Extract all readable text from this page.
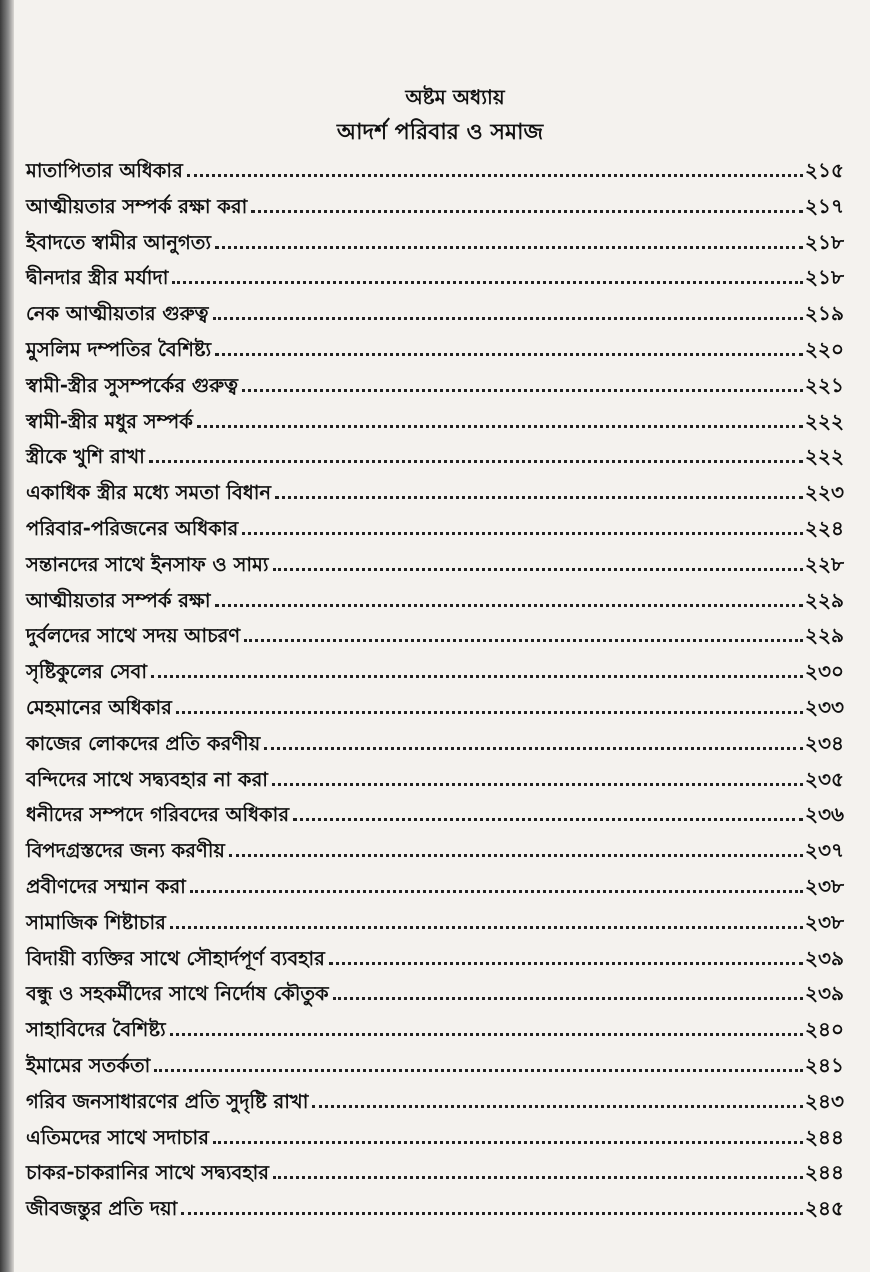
অষ্টম অধ্যায়
আদর্শ পরিবার ও সমাজ
মাতাপিতার অধিকার	২১৫
আত্মীয়তার সম্পর্ক রক্ষা করা	২১৭
ইবাদতে স্বামীর আনুগত্য	২১৮
দ্বীনদার স্ত্রীর মর্যাদা	২১৮
নেক আত্মীয়তার গুরুত্ব	২১৯
মুসলিম দম্পতির বৈশিষ্ট্য	২২০
স্বামী-স্ত্রীর সুসম্পর্কের গুরুত্ব	২২১
স্বামী-স্ত্রীর মধুর সম্পর্ক	২২২
স্ত্রীকে খুশি রাখা	২২২
একাধিক স্ত্রীর মধ্যে সমতা বিধান	২২৩
পরিবার-পরিজনের অধিকার	২২৪
সন্তানদের সাথে ইনসাফ ও সাম্য	২২৮
আত্মীয়তার সম্পর্ক রক্ষা	২২৯
দুর্বলদের সাথে সদয় আচরণ	২২৯
সৃষ্টিকুলের সেবা	২৩০
মেহমানের অধিকার	২৩৩
কাজের লোকদের প্রতি করণীয়	২৩৪
বন্দিদের সাথে সদ্ব্যবহার না করা	২৩৫
ধনীদের সম্পদে গরিবদের অধিকার	২৩৬
বিপদগ্রস্তদের জন্য করণীয়	২৩৭
প্রবীণদের সম্মান করা	২৩৮
সামাজিক শিষ্টাচার	২৩৮
বিদায়ী ব্যক্তির সাথে সৌহার্দপূর্ণ ব্যবহার	২৩৯
বন্ধু ও সহকর্মীদের সাথে নির্দোষ কৌতুক	২৩৯
সাহাবিদের বৈশিষ্ট্য	২৪০
ইমামের সতর্কতা	২৪১
গরিব জনসাধারণের প্রতি সুদৃষ্টি রাখা	২৪৩
এতিমদের সাথে সদাচার	২৪৪
চাকর-চাকরানির সাথে সদ্ব্যবহার	২৪৪
জীবজন্তুর প্রতি দয়া	২৪৫
